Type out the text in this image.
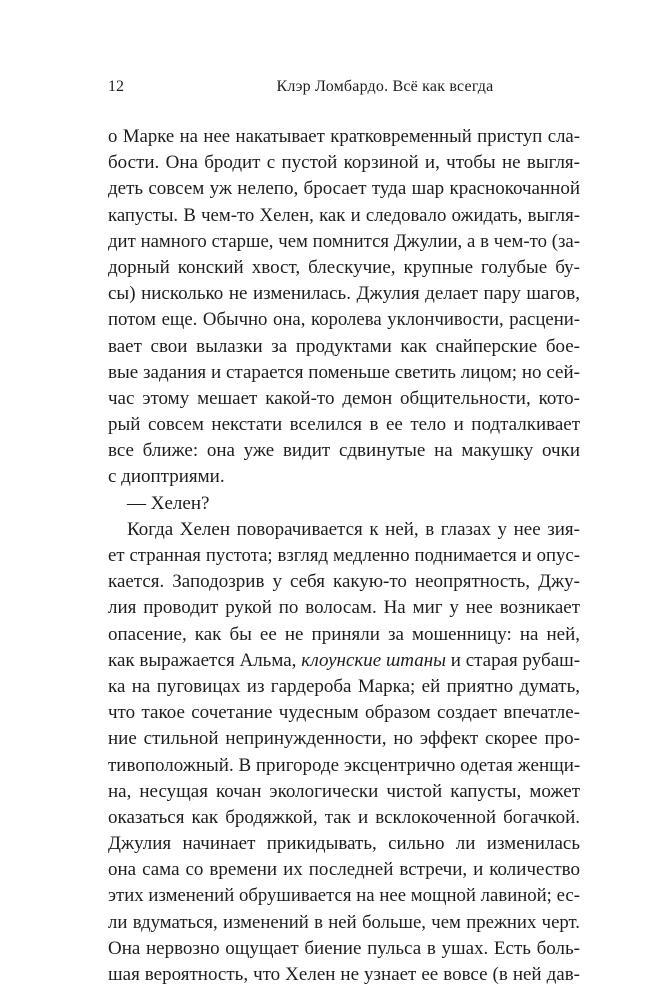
12	Клэр Ломбардо. Всё как всегда
о Марке на нее накатывает кратковременный приступ сла-
бости. Она бродит с пустой корзиной и, чтобы не выгля-
деть совсем уж нелепо, бросает туда шар краснокочанной
капусты. В чем-то Хелен, как и следовало ожидать, выгля-
дит намного старше, чем помнится Джулии, а в чем-то (за-
дорный конский хвост, блескучие, крупные голубые бу-
сы) нисколько не изменилась. Джулия делает пару шагов,
потом еще. Обычно она, королева уклончивости, расцени-
вает свои вылазки за продуктами как снайперские бое-
вые задания и старается поменьше светить лицом; но сей-
час этому мешает какой-то демон общительности, кото-
рый совсем некстати вселился в ее тело и подталкивает
все ближе: она уже видит сдвинутые на макушку очки
с диоптриями.
— Хелен?
Когда Хелен поворачивается к ней, в глазах у нее зия-
ет странная пустота; взгляд медленно поднимается и опус-
кается. Заподозрив у себя какую-то неопрятность, Джу-
лия проводит рукой по волосам. На миг у нее возникает
опасение, как бы ее не приняли за мошенницу: на ней,
как выражается Альма, клоунские штаны и старая рубаш-
ка на пуговицах из гардероба Марка; ей приятно думать,
что такое сочетание чудесным образом создает впечатле-
ние стильной непринужденности, но эффект скорее про-
тивоположный. В пригороде эксцентрично одетая женщи-
на, несущая кочан экологически чистой капусты, может
оказаться как бродяжкой, так и всклокоченной богачкой.
Джулия начинает прикидывать, сильно ли изменилась
она сама со времени их последней встречи, и количество
этих изменений обрушивается на нее мощной лавиной; ес-
ли вдуматься, изменений в ней больше, чем прежних черт.
Она нервозно ощущает биение пульса в ушах. Есть боль-
шая вероятность, что Хелен не узнает ее вовсе (в ней дав-
